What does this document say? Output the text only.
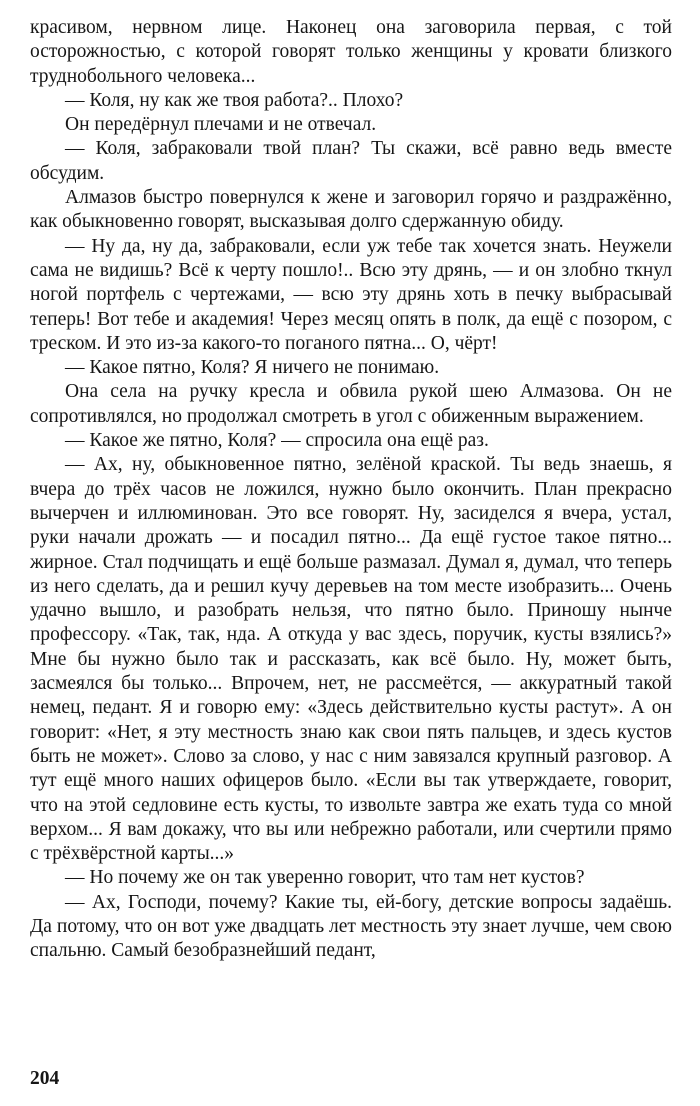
красивом, нервном лице. Наконец она заговорила первая, с той осторожностью, с которой говорят только женщины у кровати близкого труднобольного человека...

— Коля, ну как же твоя работа?.. Плохо?

Он передёрнул плечами и не отвечал.

— Коля, забраковали твой план? Ты скажи, всё равно ведь вместе обсудим.

Алмазов быстро повернулся к жене и заговорил горячо и раздражённо, как обыкновенно говорят, высказывая долго сдержанную обиду.

— Ну да, ну да, забраковали, если уж тебе так хочется знать. Неужели сама не видишь? Всё к черту пошло!.. Всю эту дрянь, — и он злобно ткнул ногой портфель с чертежами, — всю эту дрянь хоть в печку выбрасывай теперь! Вот тебе и академия! Через месяц опять в полк, да ещё с позором, с треском. И это из-за какого-то поганого пятна... О, чёрт!

— Какое пятно, Коля? Я ничего не понимаю.

Она села на ручку кресла и обвила рукой шею Алмазова. Он не сопротивлялся, но продолжал смотреть в угол с обиженным выражением.

— Какое же пятно, Коля? — спросила она ещё раз.

— Ах, ну, обыкновенное пятно, зелёной краской. Ты ведь знаешь, я вчера до трёх часов не ложился, нужно было окончить. План прекрасно вычерчен и иллюминован. Это все говорят. Ну, засиделся я вчера, устал, руки начали дрожать — и посадил пятно... Да ещё густое такое пятно... жирное. Стал подчищать и ещё больше размазал. Думал я, думал, что теперь из него сделать, да и решил кучу деревьев на том месте изобразить... Очень удачно вышло, и разобрать нельзя, что пятно было. Приношу нынче профессору. «Так, так, нда. А откуда у вас здесь, поручик, кусты взялись?» Мне бы нужно было так и рассказать, как всё было. Ну, может быть, засмеялся бы только... Впрочем, нет, не рассмеётся, — аккуратный такой немец, педант. Я и говорю ему: «Здесь действительно кусты растут». А он говорит: «Нет, я эту местность знаю как свои пять пальцев, и здесь кустов быть не может». Слово за слово, у нас с ним завязался крупный разговор. А тут ещё много наших офицеров было. «Если вы так утверждаете, говорит, что на этой седловине есть кусты, то извольте завтра же ехать туда со мной верхом... Я вам докажу, что вы или небрежно работали, или счертили прямо с трёхвёрстной карты...»

— Но почему же он так уверенно говорит, что там нет кустов?

— Ах, Господи, почему? Какие ты, ей-богу, детские вопросы задаёшь. Да потому, что он вот уже двадцать лет местность эту знает лучше, чем свою спальню. Самый безобразнейший педант,

204
